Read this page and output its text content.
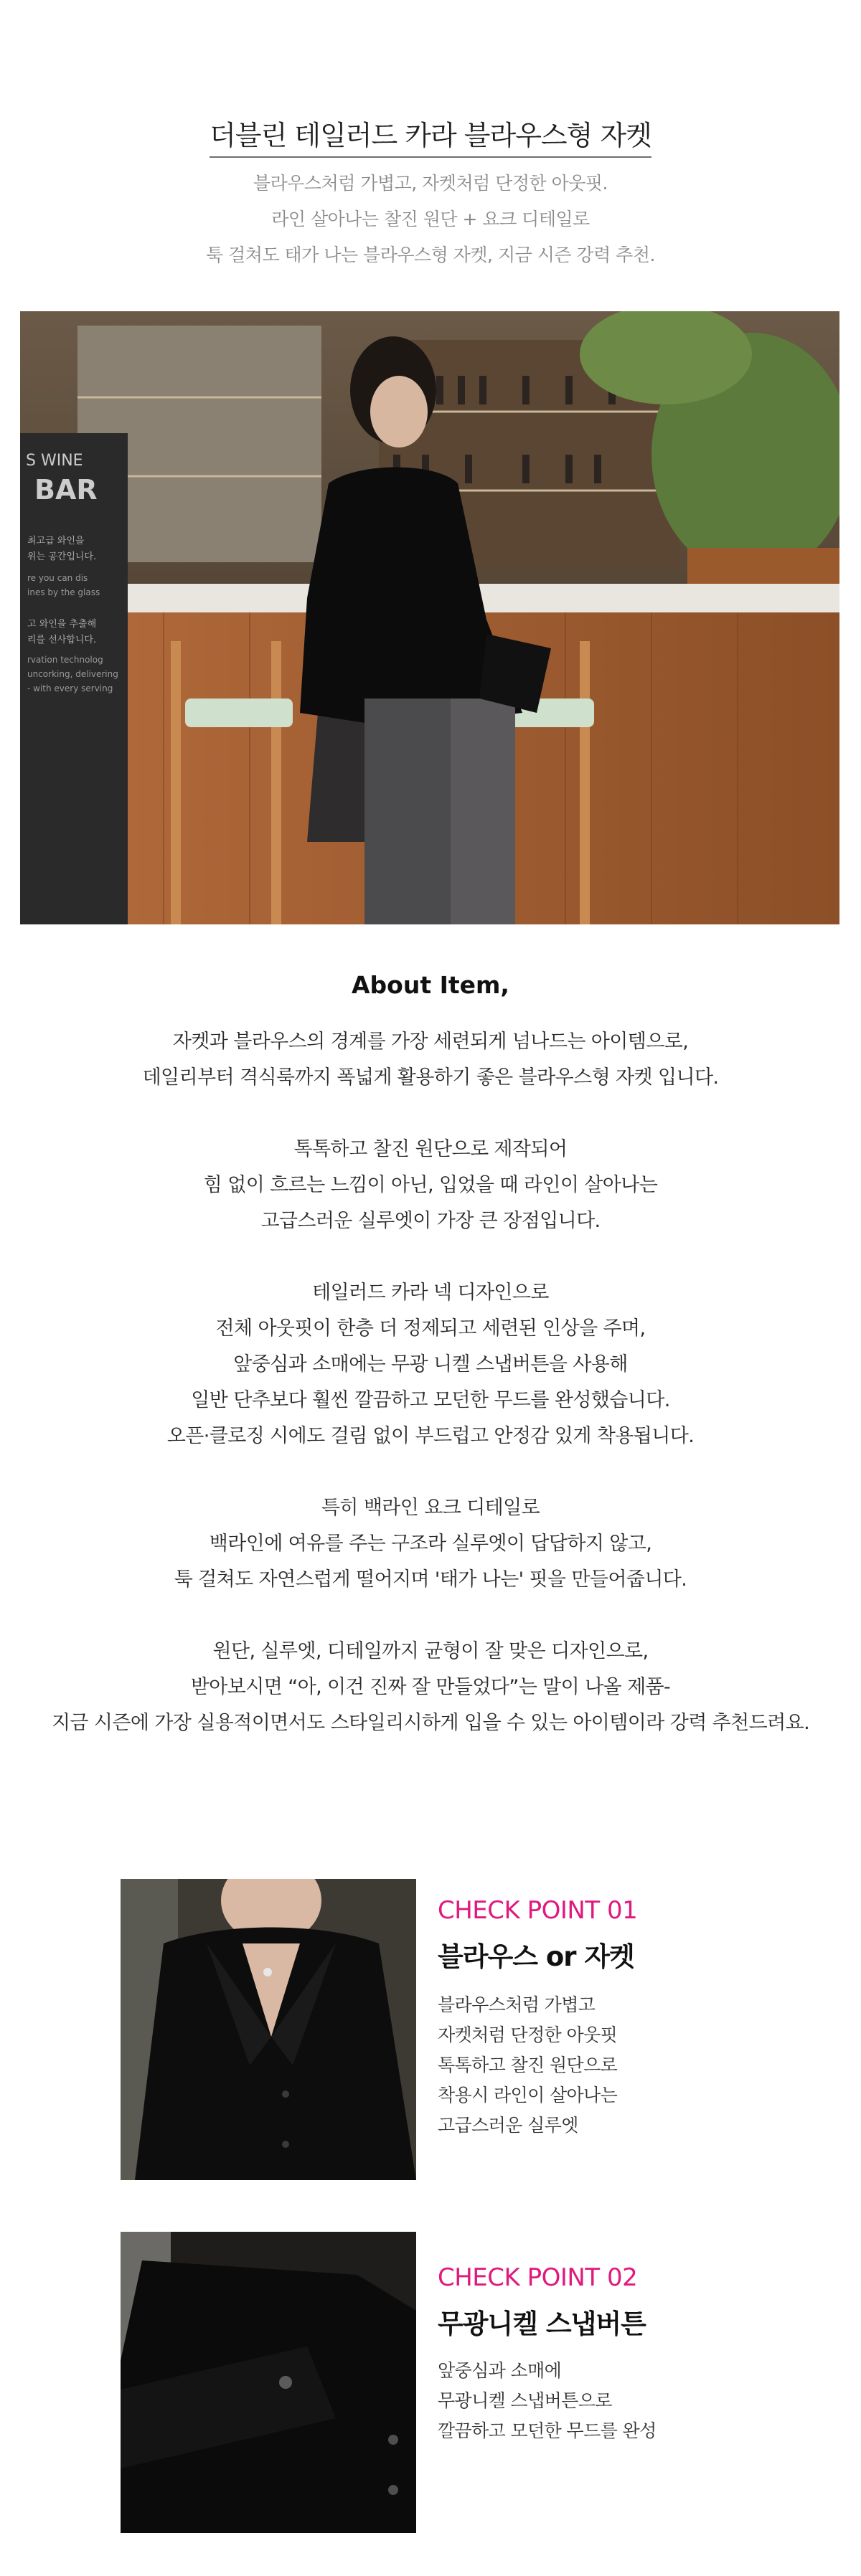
더블린 테일러드 카라 블라우스형 자켓
블라우스처럼 가볍고, 자켓처럼 단정한 아웃핏.
라인 살아나는 찰진 원단 + 요크 디테일로
툭 걸쳐도 태가 나는 블라우스형 자켓, 지금 시즌 강력 추천.
S WINE
BAR
최고급 와인을
위는 공간입니다.
re you can dis
ines by the glass
고 와인을 추출해
리를 선사합니다.
rvation technolog
uncorking, delivering
- with every serving
About Item,
자켓과 블라우스의 경계를 가장 세련되게 넘나드는 아이템으로,
데일리부터 격식룩까지 폭넓게 활용하기 좋은 블라우스형 자켓 입니다.
톡톡하고 찰진 원단으로 제작되어
힘 없이 흐르는 느낌이 아닌, 입었을 때 라인이 살아나는
고급스러운 실루엣이 가장 큰 장점입니다.
테일러드 카라 넥 디자인으로
전체 아웃핏이 한층 더 정제되고 세련된 인상을 주며,
앞중심과 소매에는 무광 니켈 스냅버튼을 사용해
일반 단추보다 훨씬 깔끔하고 모던한 무드를 완성했습니다.
오픈·클로징 시에도 걸림 없이 부드럽고 안정감 있게 착용됩니다.
특히 백라인 요크 디테일로
백라인에 여유를 주는 구조라 실루엣이 답답하지 않고,
툭 걸쳐도 자연스럽게 떨어지며 '태가 나는' 핏을 만들어줍니다.
원단, 실루엣, 디테일까지 균형이 잘 맞은 디자인으로,
받아보시면 “아, 이건 진짜 잘 만들었다”는 말이 나올 제품-
지금 시즌에 가장 실용적이면서도 스타일리시하게 입을 수 있는 아이템이라 강력 추천드려요.
CHECK POINT 01
블라우스 or 자켓
블라우스처럼 가볍고
자켓처럼 단정한 아웃핏
톡톡하고 찰진 원단으로
착용시 라인이 살아나는
고급스러운 실루엣
CHECK POINT 02
무광니켈 스냅버튼
앞중심과 소매에
무광니켈 스냅버튼으로
깔끔하고 모던한 무드를 완성
